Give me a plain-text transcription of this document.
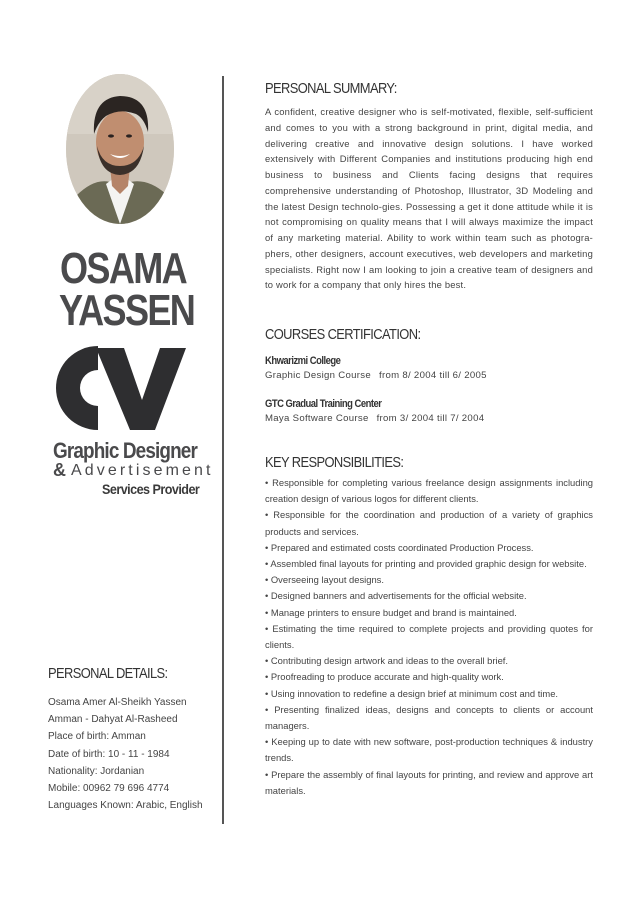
OSAMA
YASSEN
Graphic Designer
& Advertisement
Services Provider
PERSONAL DETAILS:
Osama Amer Al-Sheikh Yassen
Amman - Dahyat Al-Rasheed
Place of birth: Amman
Date of birth: 10 - 11 - 1984
Nationality: Jordanian
Mobile: 00962 79 696 4774
Languages Known: Arabic, English
PERSONAL SUMMARY:

A confident, creative designer who is self-motivated, flexible, self-sufficient and comes to you with a strong background in print, digital media, and delivering creative and innovative design solutions. I have worked extensively with Different Companies and institutions producing high end business to business and Clients facing designs that requires comprehensive understanding of Photoshop, Illustrator, 3D Modeling and the latest Design technolo-gies. Possessing a get it done attitude while it is not compromising on quality means that I will always maximize the impact of any marketing material. Ability to work within team such as photogra-phers, other designers, account executives, web developers and marketing specialists. Right now I am looking to join a creative team of designers and to work for a company that only hires the best.

COURSES CERTIFICATION:
Khwarizmi College
Graphic Design Course from 8/ 2004 till 6/ 2005
GTC Gradual Training Center
Maya Software Course from 3/ 2004 till 7/ 2004
KEY RESPONSIBILITIES:
• Responsible for completing various freelance design assignments including creation design of various logos for different clients.
• Responsible for the coordination and production of a variety of graphics products and services.
• Prepared and estimated costs coordinated Production Process.
• Assembled final layouts for printing and provided graphic design for website.
• Overseeing layout designs.
• Designed banners and advertisements for the official website.
• Manage printers to ensure budget and brand is maintained.
• Estimating the time required to complete projects and providing quotes for clients.
• Contributing design artwork and ideas to the overall brief.
• Proofreading to produce accurate and high-quality work.
• Using innovation to redefine a design brief at minimum cost and time.
• Presenting finalized ideas, designs and concepts to clients or account managers.
• Keeping up to date with new software, post-production techniques & industry trends.
• Prepare the assembly of final layouts for printing, and review and approve art materials.
